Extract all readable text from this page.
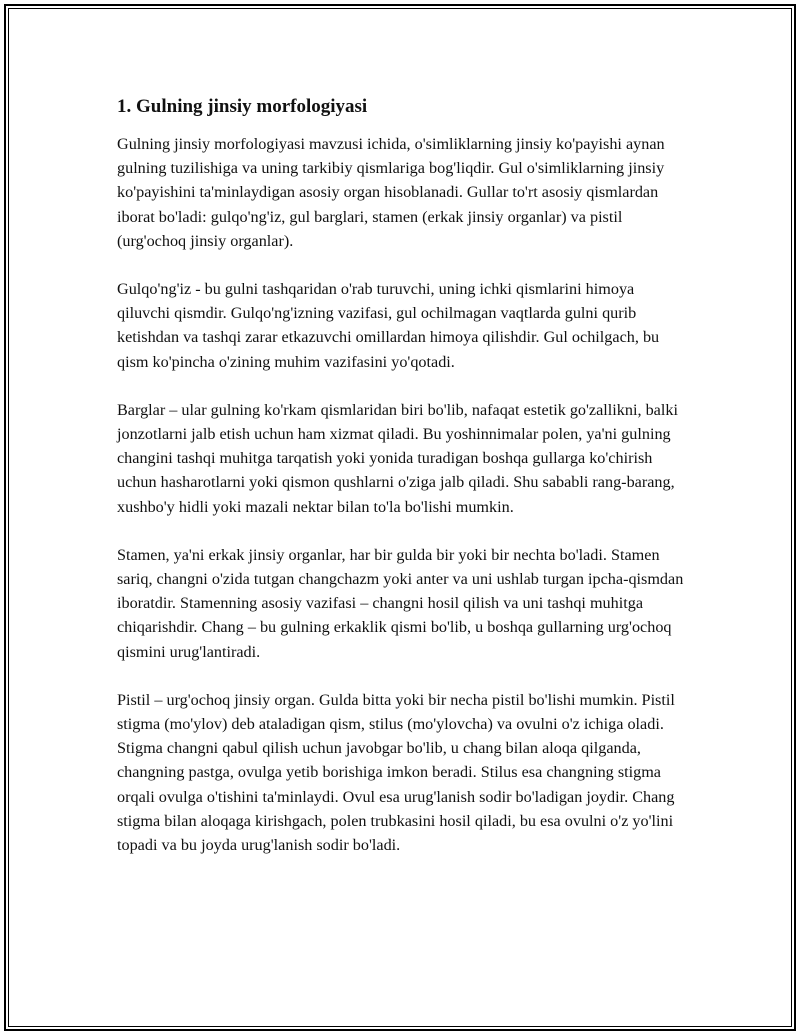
1. Gulning jinsiy morfologiyasi

Gulning jinsiy morfologiyasi mavzusi ichida, o'simliklarning jinsiy ko'payishi aynan gulning tuzilishiga va uning tarkibiy qismlariga bog'liqdir. Gul o'simliklarning jinsiy ko'payishini ta'minlaydigan asosiy organ hisoblanadi. Gullar to'rt asosiy qismlardan iborat bo'ladi: gulqo'ng'iz, gul barglari, stamen (erkak jinsiy organlar) va pistil (urg'ochoq jinsiy organlar).

Gulqo'ng'iz - bu gulni tashqaridan o'rab turuvchi, uning ichki qismlarini himoya qiluvchi qismdir. Gulqo'ng'izning vazifasi, gul ochilmagan vaqtlarda gulni qurib ketishdan va tashqi zarar etkazuvchi omillardan himoya qilishdir. Gul ochilgach, bu qism ko'pincha o'zining muhim vazifasini yo'qotadi.

Barglar – ular gulning ko'rkam qismlaridan biri bo'lib, nafaqat estetik go'zallikni, balki jonzotlarni jalb etish uchun ham xizmat qiladi. Bu yoshinnimalar polen, ya'ni gulning changini tashqi muhitga tarqatish yoki yonida turadigan boshqa gullarga ko'chirish uchun hasharotlarni yoki qismon qushlarni o'ziga jalb qiladi. Shu sababli rang-barang, xushbo'y hidli yoki mazali nektar bilan to'la bo'lishi mumkin.

Stamen, ya'ni erkak jinsiy organlar, har bir gulda bir yoki bir nechta bo'ladi. Stamen sariq, changni o'zida tutgan changchazm yoki anter va uni ushlab turgan ipcha-qismdan iboratdir. Stamenning asosiy vazifasi – changni hosil qilish va uni tashqi muhitga chiqarishdir. Chang – bu gulning erkaklik qismi bo'lib, u boshqa gullarning urg'ochoq qismini urug'lantiradi.

Pistil – urg'ochoq jinsiy organ. Gulda bitta yoki bir necha pistil bo'lishi mumkin. Pistil stigma (mo'ylov) deb ataladigan qism, stilus (mo'ylovcha) va ovulni o'z ichiga oladi. Stigma changni qabul qilish uchun javobgar bo'lib, u chang bilan aloqa qilganda, changning pastga, ovulga yetib borishiga imkon beradi. Stilus esa changning stigma orqali ovulga o'tishini ta'minlaydi. Ovul esa urug'lanish sodir bo'ladigan joydir. Chang stigma bilan aloqaga kirishgach, polen trubkasini hosil qiladi, bu esa ovulni o'z yo'lini topadi va bu joyda urug'lanish sodir bo'ladi.
